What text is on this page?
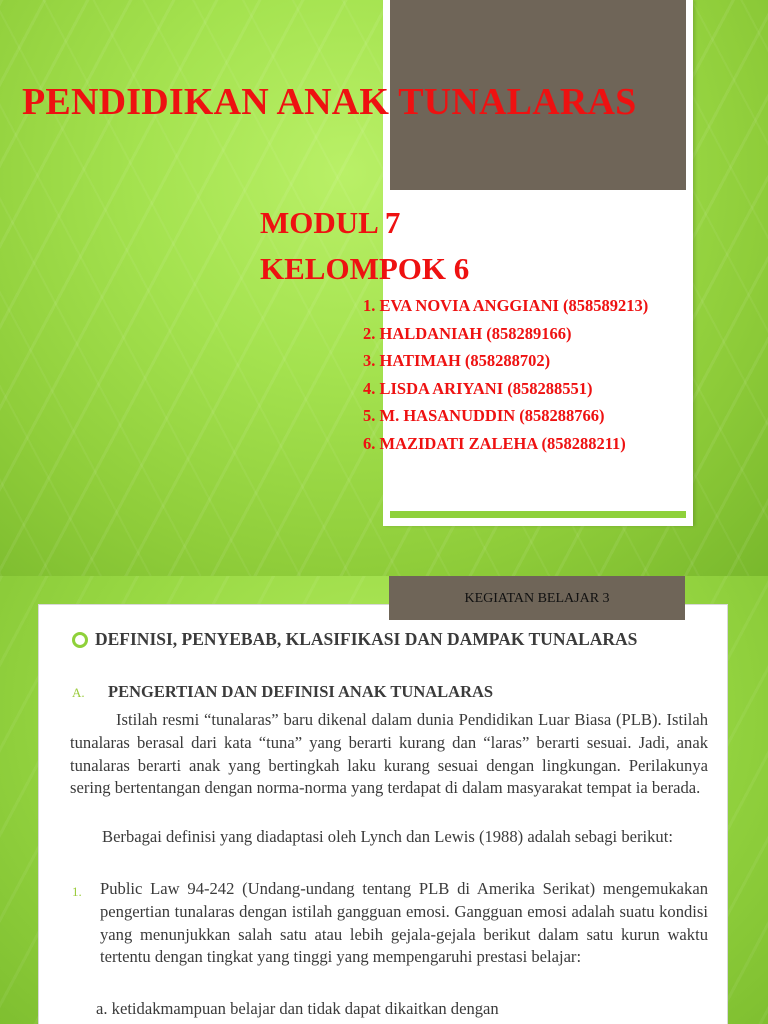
PENDIDIKAN ANAK TUNALARAS
MODUL 7
KELOMPOK 6
1. EVA NOVIA ANGGIANI (858589213)
2. HALDANIAH (858289166)
3. HATIMAH (858288702)
4. LISDA ARIYANI (858288551)
5. M. HASANUDDIN (858288766)
6. MAZIDATI ZALEHA (858288211)
KEGIATAN BELAJAR 3
DEFINISI, PENYEBAB, KLASIFIKASI DAN DAMPAK TUNALARAS
A. PENGERTIAN DAN DEFINISI ANAK TUNALARAS

Istilah resmi “tunalaras” baru dikenal dalam dunia Pendidikan Luar Biasa (PLB). Istilah tunalaras berasal dari kata “tuna” yang berarti kurang dan “laras” berarti sesuai. Jadi, anak tunalaras berarti anak yang bertingkah laku kurang sesuai dengan lingkungan. Perilakunya sering bertentangan dengan norma-norma yang terdapat di dalam masyarakat tempat ia berada.

Berbagai definisi yang diadaptasi oleh Lynch dan Lewis (1988) adalah sebagi berikut:

1. Public Law 94-242 (Undang-undang tentang PLB di Amerika Serikat) mengemukakan pengertian tunalaras dengan istilah gangguan emosi. Gangguan emosi adalah suatu kondisi yang menunjukkan salah satu atau lebih gejala-gejala berikut dalam satu kurun waktu tertentu dengan tingkat yang tinggi yang mempengaruhi prestasi belajar:

a. ketidakmampuan belajar dan tidak dapat dikaitkan dengan
